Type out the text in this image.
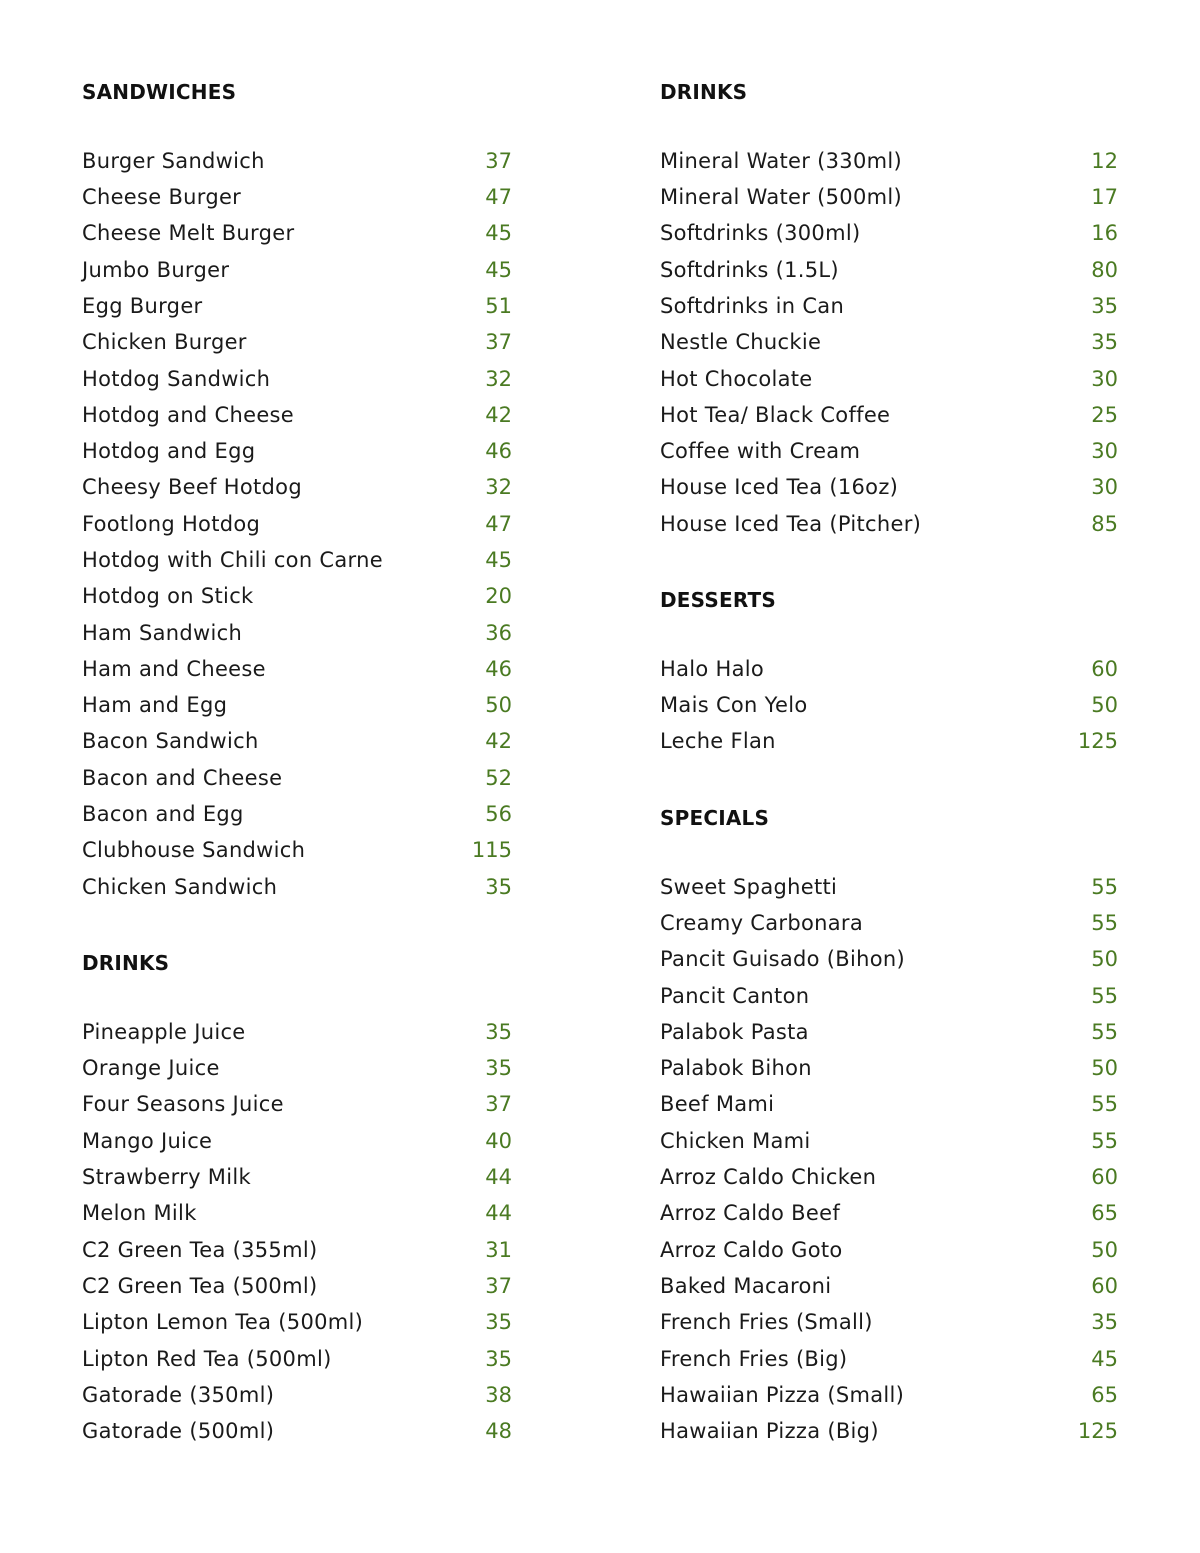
SANDWICHES
Burger Sandwich	37
Cheese Burger	47
Cheese Melt Burger	45
Jumbo Burger	45
Egg Burger	51
Chicken Burger	37
Hotdog Sandwich	32
Hotdog and Cheese	42
Hotdog and Egg	46
Cheesy Beef Hotdog	32
Footlong Hotdog	47
Hotdog with Chili con Carne	45
Hotdog on Stick	20
Ham Sandwich	36
Ham and Cheese	46
Ham and Egg	50
Bacon Sandwich	42
Bacon and Cheese	52
Bacon and Egg	56
Clubhouse Sandwich	115
Chicken Sandwich	35
DRINKS
Pineapple Juice	35
Orange Juice	35
Four Seasons Juice	37
Mango Juice	40
Strawberry Milk	44
Melon Milk	44
C2 Green Tea (355ml)	31
C2 Green Tea (500ml)	37
Lipton Lemon Tea (500ml)	35
Lipton Red Tea (500ml)	35
Gatorade (350ml)	38
Gatorade (500ml)	48
DRINKS
Mineral Water (330ml)	12
Mineral Water (500ml)	17
Softdrinks (300ml)	16
Softdrinks (1.5L)	80
Softdrinks in Can	35
Nestle Chuckie	35
Hot Chocolate	30
Hot Tea/ Black Coffee	25
Coffee with Cream	30
House Iced Tea (16oz)	30
House Iced Tea (Pitcher)	85
DESSERTS
Halo Halo	60
Mais Con Yelo	50
Leche Flan	125
SPECIALS
Sweet Spaghetti	55
Creamy Carbonara	55
Pancit Guisado (Bihon)	50
Pancit Canton	55
Palabok Pasta	55
Palabok Bihon	50
Beef Mami	55
Chicken Mami	55
Arroz Caldo Chicken	60
Arroz Caldo Beef	65
Arroz Caldo Goto	50
Baked Macaroni	60
French Fries (Small)	35
French Fries (Big)	45
Hawaiian Pizza (Small)	65
Hawaiian Pizza (Big)	125
